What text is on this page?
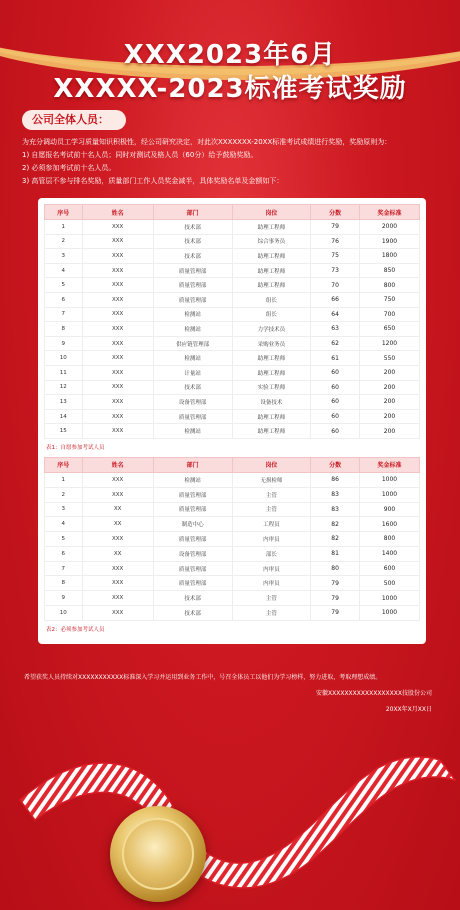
XXX2023年6月
XXXXX-2023标准考试奖励
公司全体人员：
为充分调动员工学习质量知识积极性，经公司研究决定，对此次XXXXXXX-20XX标准考试成绩进行奖励，奖励原则为：
1) 自愿报名考试前十名人员；同时对测试及格人员（60分）给予鼓励奖励。
2) 必须参加考试前十名人员。
3) 高管层不参与排名奖励，质量部门工作人员奖金减半，具体奖励名单及金额如下：
序号	姓名	部门	岗位	分数	奖金标准
1	XXX	技术部	助理工程师	79	2000
2	XXX	技术部	综合事务员	76	1900
3	XXX	技术部	助理工程师	75	1800
4	XXX	质量管理部	助理工程师	73	850
5	XXX	质量管理部	助理工程师	70	800
6	XXX	质量管理部	组长	66	750
7	XXX	检测站	组长	64	700
8	XXX	检测站	力学技术员	63	650
9	XXX	供应链管理部	采购业务员	62	1200
10	XXX	检测站	助理工程师	61	550
11	XXX	计量站	助理工程师	60	200
12	XXX	技术部	实验工程师	60	200
13	XXX	设备管理部	设备技术	60	200
14	XXX	质量管理部	助理工程师	60	200
15	XXX	检测站	助理工程师	60	200
表1：自愿参加考试人员
序号	姓名	部门	岗位	分数	奖金标准
1	XXX	检测站	无损检师	86	1000
2	XXX	质量管理部	主管	83	1000
3	XX	质量管理部	主管	83	900
4	XX	制造中心	工程员	82	1600
5	XXX	质量管理部	内审员	82	800
6	XX	设备管理部	部长	81	1400
7	XXX	质量管理部	内审员	80	600
8	XXX	质量管理部	内审员	79	500
9	XXX	技术部	主管	79	1000
10	XXX	技术部	主管	79	1000
表2：必须参加考试人员
希望获奖人员持续对XXXXXXXXXXX标准深入学习并运用到业务工作中，号召全体员工以他们为学习榜样，努力进取，考取理想成绩。
安徽XXXXXXXXXXXXXXXXXX技股份公司
20XX年X月XX日
